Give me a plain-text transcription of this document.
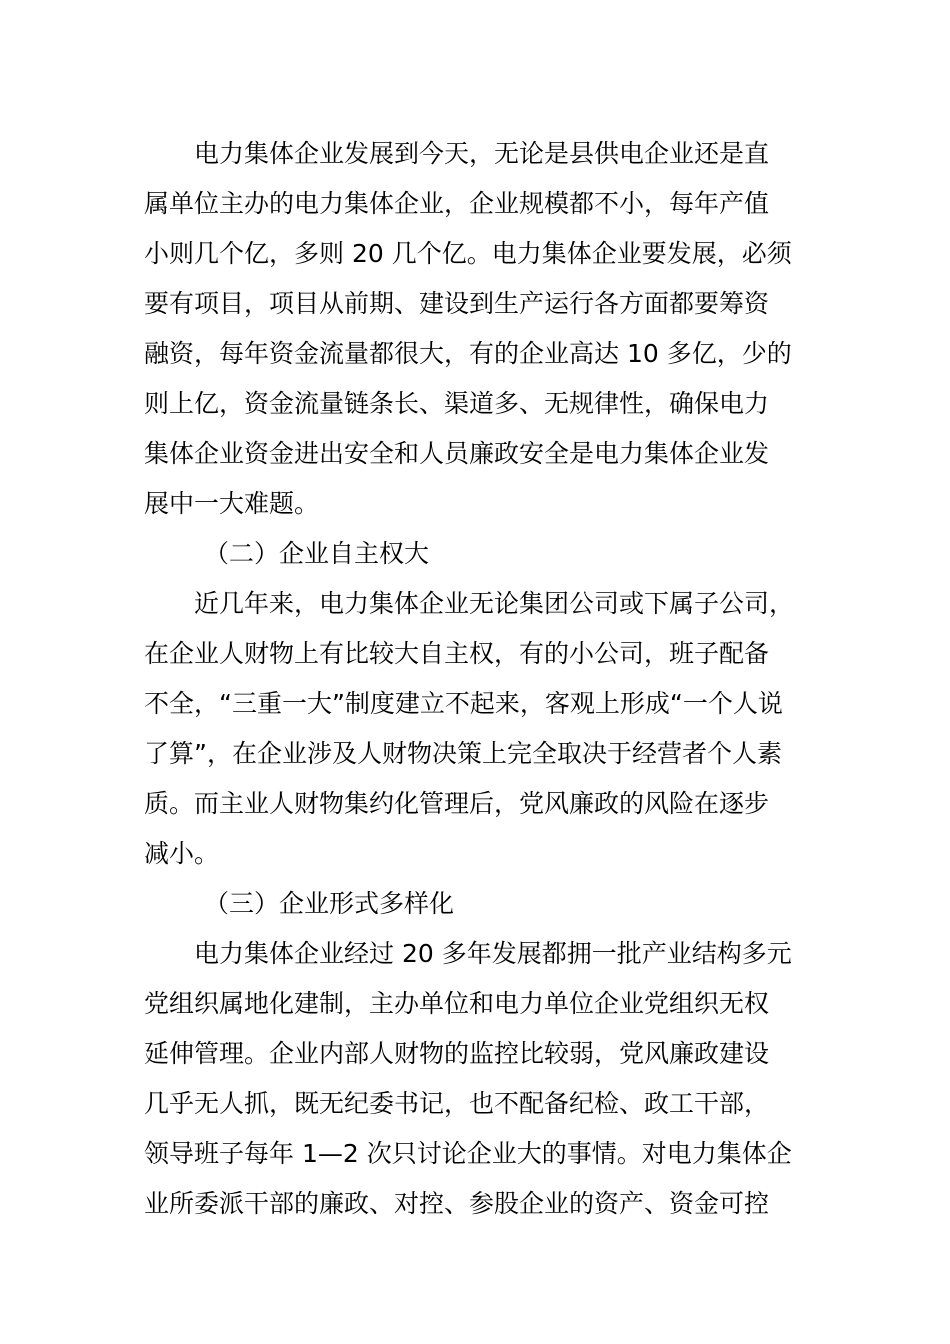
电力集体企业发展到今天，无论是县供电企业还是直
属单位主办的电力集体企业，企业规模都不小，每年产值
小则几个亿，多则 20 几个亿。电力集体企业要发展，必须
要有项目，项目从前期、建设到生产运行各方面都要筹资
融资，每年资金流量都很大，有的企业高达 10 多亿，少的
则上亿，资金流量链条长、渠道多、无规律性，确保电力
集体企业资金进出安全和人员廉政安全是电力集体企业发
展中一大难题。
（二）企业自主权大
近几年来，电力集体企业无论集团公司或下属子公司，
在企业人财物上有比较大自主权，有的小公司，班子配备
不全，“三重一大”制度建立不起来，客观上形成“一个人说
了算”，在企业涉及人财物决策上完全取决于经营者个人素
质。而主业人财物集约化管理后，党风廉政的风险在逐步
减小。
（三）企业形式多样化
电力集体企业经过 20 多年发展都拥一批产业结构多元
党组织属地化建制，主办单位和电力单位企业党组织无权
延伸管理。企业内部人财物的监控比较弱，党风廉政建设
几乎无人抓，既无纪委书记，也不配备纪检、政工干部，
领导班子每年 1—2 次只讨论企业大的事情。对电力集体企
业所委派干部的廉政、对控、参股企业的资产、资金可控
